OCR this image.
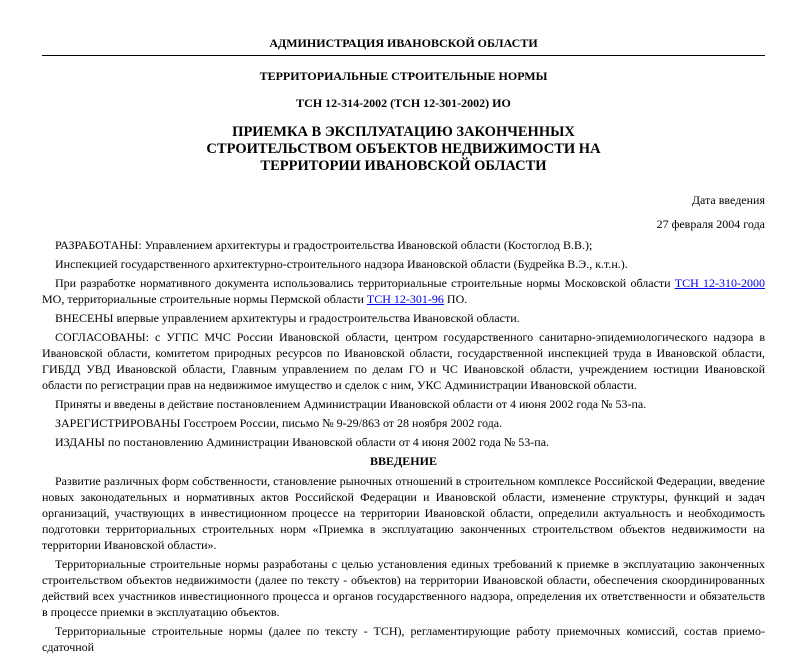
АДМИНИСТРАЦИЯ ИВАНОВСКОЙ ОБЛАСТИ
ТЕРРИТОРИАЛЬНЫЕ СТРОИТЕЛЬНЫЕ НОРМЫ
ТСН 12-314-2002 (ТСН 12-301-2002) ИО
ПРИЕМКА В ЭКСПЛУАТАЦИЮ ЗАКОНЧЕННЫХ
СТРОИТЕЛЬСТВОМ ОБЪЕКТОВ НЕДВИЖИМОСТИ НА
ТЕРРИТОРИИ ИВАНОВСКОЙ ОБЛАСТИ

Дата введения

27 февраля 2004 года

РАЗРАБОТАНЫ: Управлением архитектуры и градостроительства Ивановской области (Костоглод В.В.);

Инспекцией государственного архитектурно-строительного надзора Ивановской области (Будрейка В.Э., к.т.н.).

При разработке нормативного документа использовались территориальные строительные нормы Московской области ТСН 12-310-2000 МО, территориальные строительные нормы Пермской области ТСН 12-301-96 ПО.

ВНЕСЕНЫ впервые управлением архитектуры и градостроительства Ивановской области.

СОГЛАСОВАНЫ: с УГПС МЧС России Ивановской области, центром государственного санитарно-эпидемиологического надзора в Ивановской области, комитетом природных ресурсов по Ивановской области, государственной инспекцией труда в Ивановской области, ГИБДД УВД Ивановской области, Главным управлением по делам ГО и ЧС Ивановской области, учреждением юстиции Ивановской области по регистрации прав на недвижимое имущество и сделок с ним, УКС Администрации Ивановской области.

Приняты и введены в действие постановлением Администрации Ивановской области от 4 июня 2002 года № 53-па.

ЗАРЕГИСТРИРОВАНЫ Госстроем России, письмо № 9-29/863 от 28 ноября 2002 года.

ИЗДАНЫ по постановлению Администрации Ивановской области от 4 июня 2002 года № 53-па.

ВВЕДЕНИЕ

Развитие различных форм собственности, становление рыночных отношений в строительном комплексе Российской Федерации, введение новых законодательных и нормативных актов Российской Федерации и Ивановской области, изменение структуры, функций и задач организаций, участвующих в инвестиционном процессе на территории Ивановской области, определили актуальность и необходимость подготовки территориальных строительных норм «Приемка в эксплуатацию законченных строительством объектов недвижимости на территории Ивановской области».

Территориальные строительные нормы разработаны с целью установления единых требований к приемке в эксплуатацию законченных строительством объектов недвижимости (далее по тексту - объектов) на территории Ивановской области, обеспечения скоординированных действий всех участников инвестиционного процесса и органов государственного надзора, определения их ответственности и обязательств в процессе приемки в эксплуатацию объектов.

Территориальные строительные нормы (далее по тексту - ТСН), регламентирующие работу приемочных комиссий, состав приемо-сдаточной
